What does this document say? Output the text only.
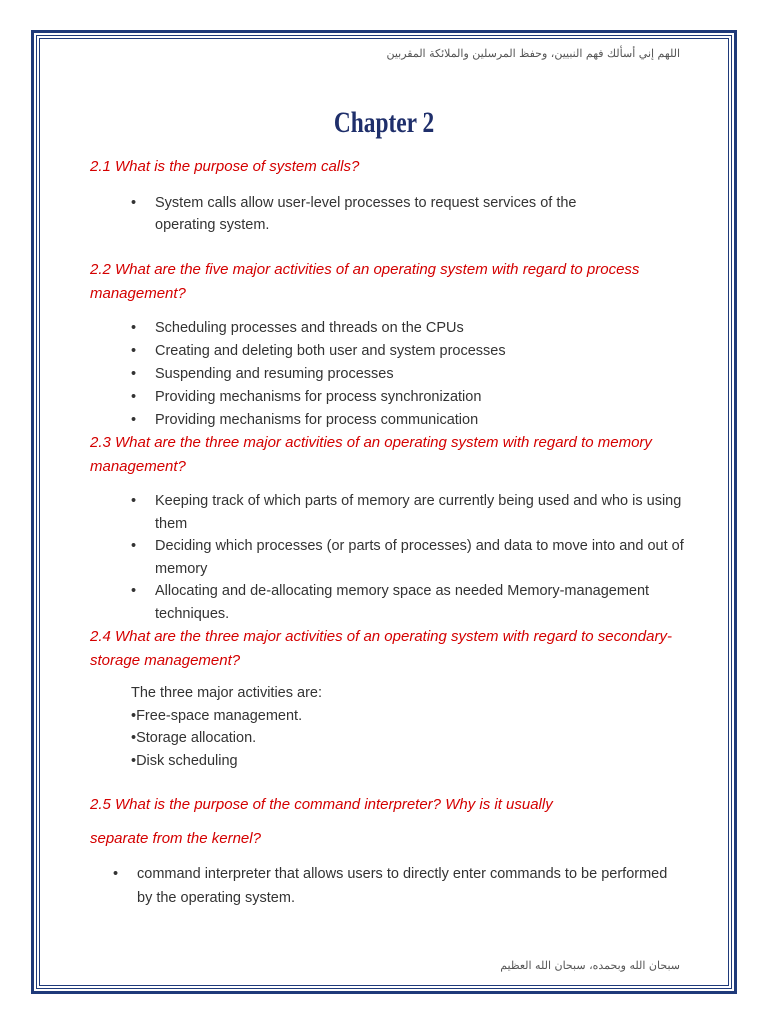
اللهم إني أسألك فهم النبيين، وحفظ المرسلين والملائكة المقربين
Chapter 2
2.1 What is the purpose of system calls?
• System calls allow user-level processes to request services of the operating system.
2.2 What are the five major activities of an operating system with regard to process management?
• Scheduling processes and threads on the CPUs
• Creating and deleting both user and system processes
• Suspending and resuming processes
• Providing mechanisms for process synchronization
• Providing mechanisms for process communication
2.3 What are the three major activities of an operating system with regard to memory management?
• Keeping track of which parts of memory are currently being used and who is using them
• Deciding which processes (or parts of processes) and data to move into and out of memory
• Allocating and de-allocating memory space as needed Memory-management techniques.
2.4 What are the three major activities of an operating system with regard to secondary-storage management?
The three major activities are:
•Free-space management.
•Storage allocation.
•Disk scheduling
2.5 What is the purpose of the command interpreter? Why is it usually
separate from the kernel?
• command interpreter that allows users to directly enter commands to be performed by the operating system.
سبحان الله وبحمده، سبحان الله العظيم
